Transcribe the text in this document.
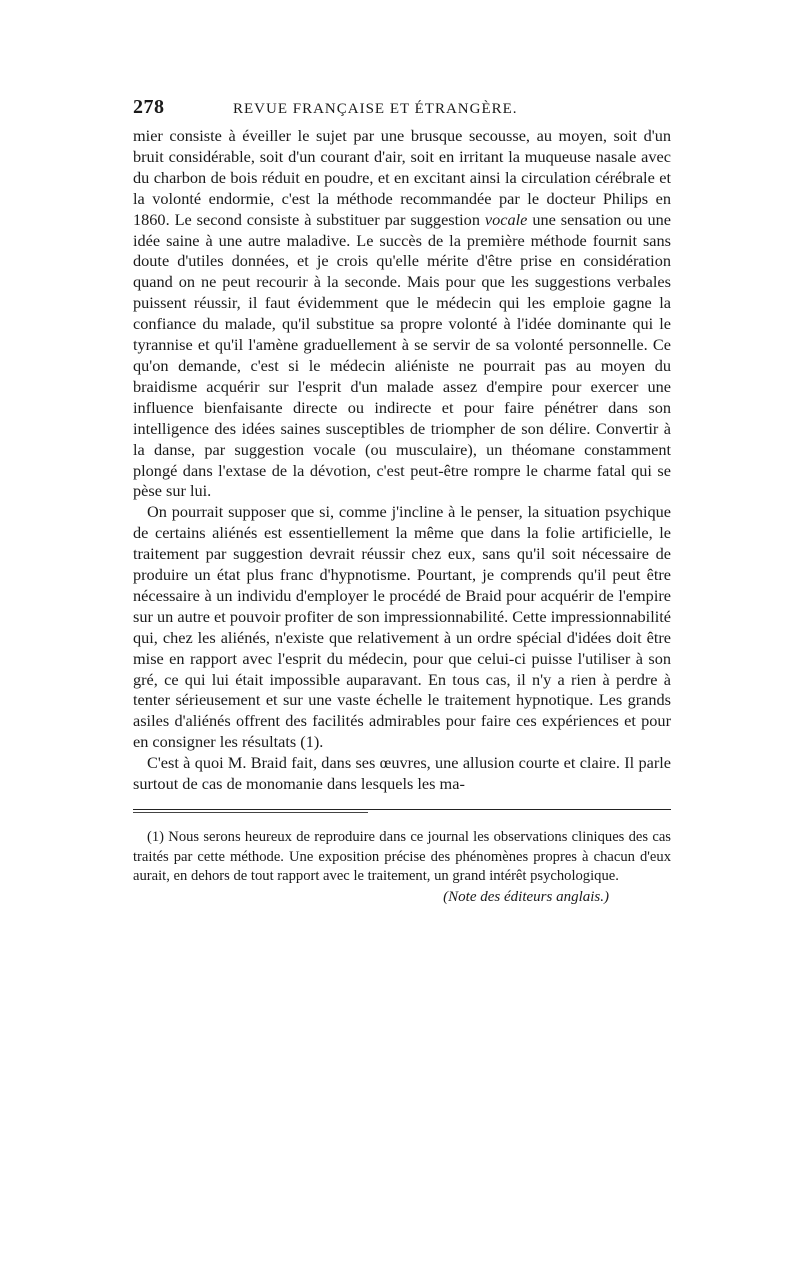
278	REVUE FRANÇAISE ET ÉTRANGÈRE.

mier consiste à éveiller le sujet par une brusque secousse, au moyen, soit d'un bruit considérable, soit d'un courant d'air, soit en irritant la muqueuse nasale avec du charbon de bois réduit en poudre, et en excitant ainsi la circulation cérébrale et la volonté endormie, c'est la méthode recommandée par le docteur Philips en 1860. Le second consiste à substituer par suggestion vocale une sensation ou une idée saine à une autre maladive. Le succès de la première méthode fournit sans doute d'utiles données, et je crois qu'elle mérite d'être prise en considération quand on ne peut recourir à la seconde. Mais pour que les suggestions verbales puissent réussir, il faut évidemment que le médecin qui les emploie gagne la confiance du malade, qu'il substitue sa propre volonté à l'idée dominante qui le tyrannise et qu'il l'amène graduellement à se servir de sa volonté personnelle. Ce qu'on demande, c'est si le médecin aliéniste ne pourrait pas au moyen du braidisme acquérir sur l'esprit d'un malade assez d'empire pour exercer une influence bienfaisante directe ou indirecte et pour faire pénétrer dans son intelligence des idées saines susceptibles de triompher de son délire. Convertir à la danse, par suggestion vocale (ou musculaire), un théomane constamment plongé dans l'extase de la dévotion, c'est peut-être rompre le charme fatal qui se pèse sur lui.

On pourrait supposer que si, comme j'incline à le penser, la situation psychique de certains aliénés est essentiellement la même que dans la folie artificielle, le traitement par suggestion devrait réussir chez eux, sans qu'il soit nécessaire de produire un état plus franc d'hypnotisme. Pourtant, je comprends qu'il peut être nécessaire à un individu d'employer le procédé de Braid pour acquérir de l'empire sur un autre et pouvoir profiter de son impressionnabilité. Cette impressionnabilité qui, chez les aliénés, n'existe que relativement à un ordre spécial d'idées doit être mise en rapport avec l'esprit du médecin, pour que celui-ci puisse l'utiliser à son gré, ce qui lui était impossible auparavant. En tous cas, il n'y a rien à perdre à tenter sérieusement et sur une vaste échelle le traitement hypnotique. Les grands asiles d'aliénés offrent des facilités admirables pour faire ces expériences et pour en consigner les résultats (1).

C'est à quoi M. Braid fait, dans ses œuvres, une allusion courte et claire. Il parle surtout de cas de monomanie dans lesquels les ma-

(1) Nous serons heureux de reproduire dans ce journal les observations cliniques des cas traités par cette méthode. Une exposition précise des phénomènes propres à chacun d'eux aurait, en dehors de tout rapport avec le traitement, un grand intérêt psychologique.

(Note des éditeurs anglais.)
